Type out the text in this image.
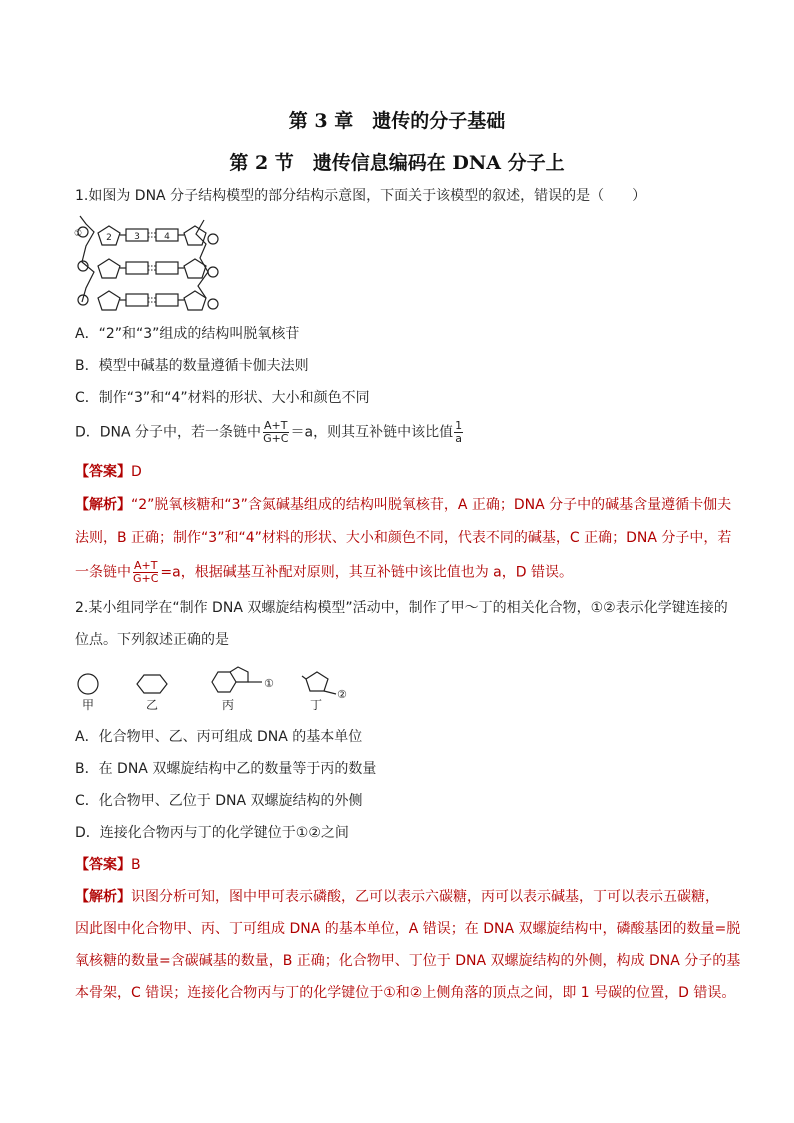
第 3 章　遗传的分子基础
第 2 节　遗传信息编码在 DNA 分子上
1.如图为 DNA 分子结构模型的部分结构示意图，下面关于该模型的叙述，错误的是（　　）
①	2 3	4
A．“2”和“3”组成的结构叫脱氧核苷
B．模型中碱基的数量遵循卡伽夫法则
C．制作“3”和“4”材料的形状、大小和颜色不同
D．DNA 分子中，若一条链中 $\frac{A+T}{G+C} =a$，则其互补链中该比值 $\frac{1}{a}$
【答案】D
【解析】“2”脱氧核糖和“3”含氮碱基组成的结构叫脱氧核苷，A 正确；DNA 分子中的碱基含量遵循卡伽夫
法则，B 正确；制作“3”和“4”材料的形状、大小和颜色不同，代表不同的碱基，C 正确；DNA 分子中，若
一条链中 $\frac{A+T}{G+C} =a$，根据碱基互补配对原则，其互补链中该比值也为 a，D 错误。
2.某小组同学在“制作 DNA 双螺旋结构模型”活动中，制作了甲～丁的相关化合物，①②表示化学键连接的
位点。下列叙述正确的是
甲	乙	丙	丁
①
②
A．化合物甲、乙、丙可组成 DNA 的基本单位
B．在 DNA 双螺旋结构中乙的数量等于丙的数量
C．化合物甲、乙位于 DNA 双螺旋结构的外侧
D．连接化合物丙与丁的化学键位于①②之间
【答案】B
【解析】识图分析可知，图中甲可表示磷酸，乙可以表示六碳糖，丙可以表示碱基，丁可以表示五碳糖，
因此图中化合物甲、丙、丁可组成 DNA 的基本单位，A 错误；在 DNA 双螺旋结构中，磷酸基团的数量=脱
氧核糖的数量=含碳碱基的数量，B 正确；化合物甲、丁位于 DNA 双螺旋结构的外侧，构成 DNA 分子的基
本骨架，C 错误；连接化合物丙与丁的化学键位于①和②上侧角落的顶点之间，即 1 号碳的位置，D 错误。
